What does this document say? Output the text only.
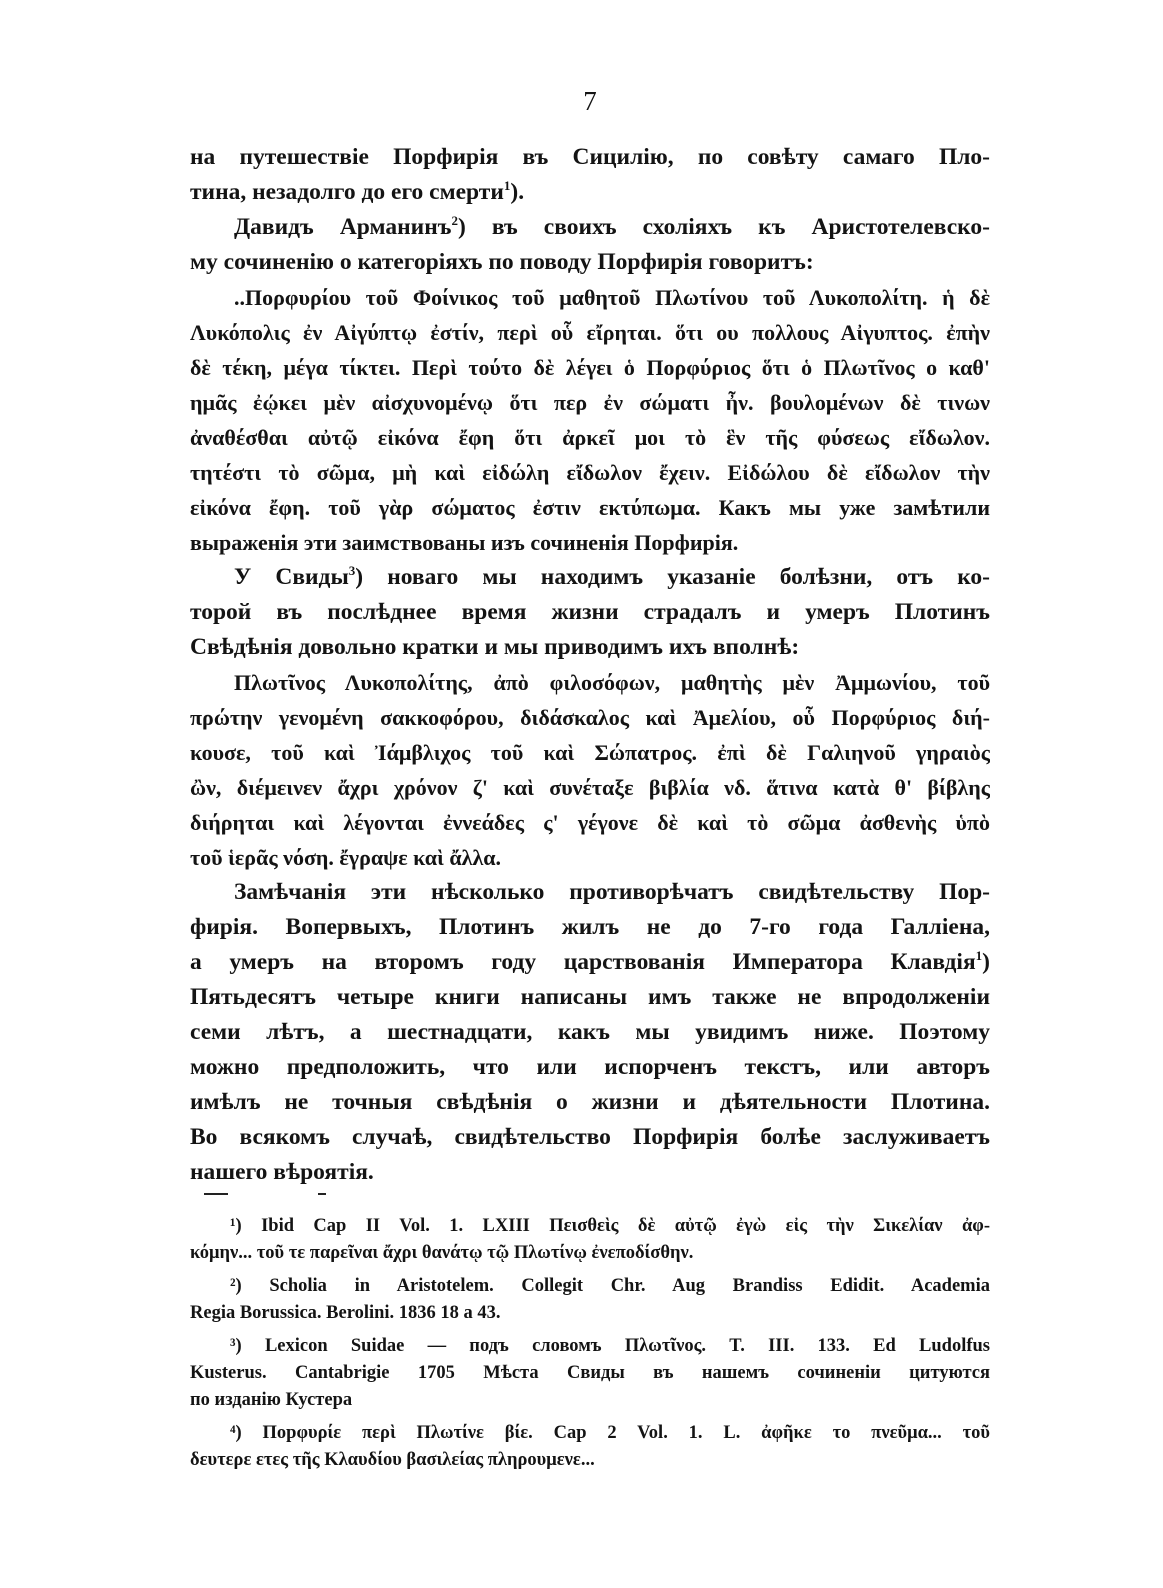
7
на путешествіе Порфирія въ Сицилію, по совѣту самаго Пло-
тина, незадолго до его смерти$^1$).
Давидъ Арманинъ$^2$) въ своихъ схоліяхъ къ Аристотелевско-
му сочиненію о категоріяхъ по поводу Порфирія говоритъ:
..Πορφυρίου τοῦ Φοίνικος τοῦ μαθητοῦ Πλωτίνου τοῦ Λυκοπολίτη. ἡ δὲ
Λυκόπολις ἐν Αἰγύπτῳ ἐστίν, περὶ οὗ εἴρηται. ὅτι ου πολλους Αἰγυπτος. ἐπὴν
δὲ τέκη, μέγα τίκτει. Περὶ τούτο δὲ λέγει ὁ Πορφύριος ὅτι ὁ Πλωτῖνος ο καθ'
ημᾶς ἐῴκει μὲν αἰσχυνομένῳ ὅτι περ ἐν σώματι ἦν. βουλομένων δὲ τινων
ἀναθέσθαι αὐτῷ εἰκόνα ἔφη ὅτι ἀρκεῖ μοι τὸ ἓν τῆς φύσεως εἴδωλον.
τητέστι τὸ σῶμα, μὴ καὶ εἰδώλη εἴδωλον ἔχειν. Εἰδώλου δὲ εἴδωλον τὴν
εἰκόνα ἔφη. τοῦ γὰρ σώματος ἐστιν εκτύπωμα. Какъ мы уже замѣтили
выраженія эти заимствованы изъ сочиненія Порфирія.
У Свиды$^3$) новаго мы находимъ указаніе болѣзни, отъ ко-
торой въ послѣднее время жизни страдалъ и умеръ Плотинъ
Свѣдѣнія довольно кратки и мы приводимъ ихъ вполнѣ:
Πλωτῖνος Λυκοπολίτης, ἀπὸ φιλοσόφων, μαθητὴς μὲν Ἀμμωνίου, τοῦ
πρώτην γενομένη σακκοφόρου, διδάσκαλος καὶ Ἀμελίου, οὗ Πορφύριος διή-
κουσε, τοῦ καὶ Ἰάμβλιχος τοῦ καὶ Σώπατρος. ἐπὶ δὲ Γαλιηνοῦ γηραιὸς
ὢν, διέμεινεν ἄχρι χρόνον ζ' καὶ συνέταξε βιβλία νδ. ἅτινα κατὰ θ' βίβλης
διήρηται καὶ λέγονται ἐννεάδες ς' γέγονε δὲ καὶ τὸ σῶμα ἀσθενὴς ὑπὸ
τοῦ ἱερᾶς νόση. ἔγραψε καὶ ἄλλα.
Замѣчанія эти нѣсколько противорѣчатъ свидѣтельству Пор-
фирія. Вопервыхъ, Плотинъ жилъ не до 7-го года Галліена,
а умеръ на второмъ году царствованія Императора Клавдія$^1$)
Пятьдесятъ четыре книги написаны имъ также не впродолженіи
семи лѣтъ, а шестнадцати, какъ мы увидимъ ниже. Поэтому
можно предположить, что или испорченъ текстъ, или авторъ
имѣлъ не точныя свѣдѣнія о жизни и дѣятельности Плотина.
Во всякомъ случаѣ, свидѣтельство Порфирія болѣе заслуживаетъ
нашего вѣроятія.
¹) Ibid Cap II Vol. 1. LXIII Πεισθεὶς δὲ αὐτῷ ἐγὼ εἰς τὴν Σικελίαν ἀφ-
κόμην... τοῦ τε παρεῖναι ἄχρι θανάτῳ τῷ Πλωτίνῳ ἐνεποδίσθην.
²) Scholia in Aristotelem. Collegit Chr. Aug Brandiss Edidit. Academia
Regia Borussica. Berolini. 1836 18 a 43.
³) Lexicon Suidae — подъ словомъ Πλωτῖνος. T. III. 133. Ed Ludolfus
Kusterus. Cantabrigie 1705 Мѣста Свиды въ нашемъ сочиненіи цитуются
по изданію Кустера
⁴) Порφυρίε περὶ Πλωτίνε βίε. Cap 2 Vol. 1. L. ἀφῆκε το πνεῦμα... τοῦ
δευτερε ετες τῆς Κλαυδίου βασιλείας πληρουμενε...
